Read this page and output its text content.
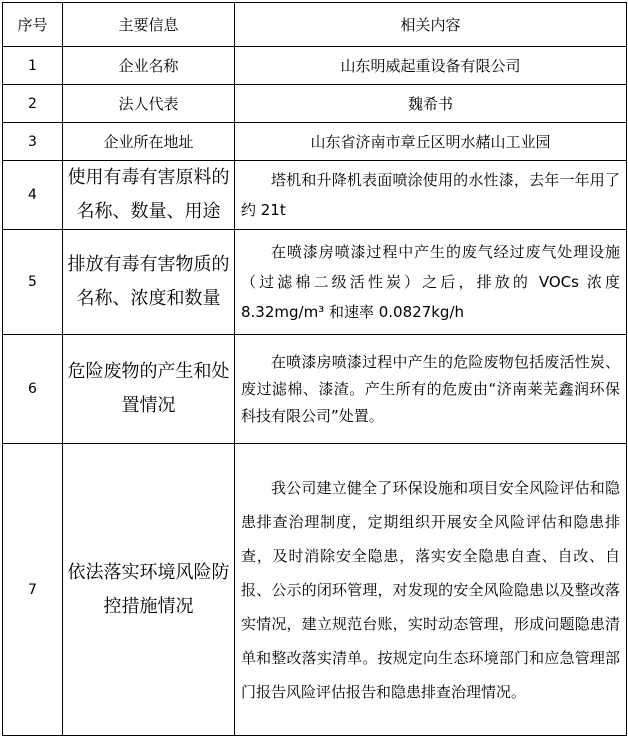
序号	主要信息	相关内容
1	企业名称	山东明威起重设备有限公司
2	法人代表	魏希书
3	企业所在地址	山东省济南市章丘区明水赭山工业园
4	使用有毒有害原料的名称、数量、用途	塔机和升降机表面喷涂使用的水性漆，去年一年用了约 21t

5	排放有毒有害物质的名称、浓度和数量	在喷漆房喷漆过程中产生的废气经过废气处理设施（过滤棉二级活性炭）之后，排放的 VOCs 浓度 8.32mg/m³ 和速率 0.0827kg/h

6	危险废物的产生和处置情况	在喷漆房喷漆过程中产生的危险废物包括废活性炭、废过滤棉、漆渣。产生所有的危废由“济南莱芜鑫润环保科技有限公司”处置。

7	依法落实环境风险防控措施情况	我公司建立健全了环保设施和项目安全风险评估和隐患排查治理制度，定期组织开展安全风险评估和隐患排查，及时消除安全隐患，落实安全隐患自查、自改、自报、公示的闭环管理，对发现的安全风险隐患以及整改落实情况，建立规范台账，实时动态管理，形成问题隐患清单和整改落实清单。按规定向生态环境部门和应急管理部门报告风险评估报告和隐患排查治理情况。
